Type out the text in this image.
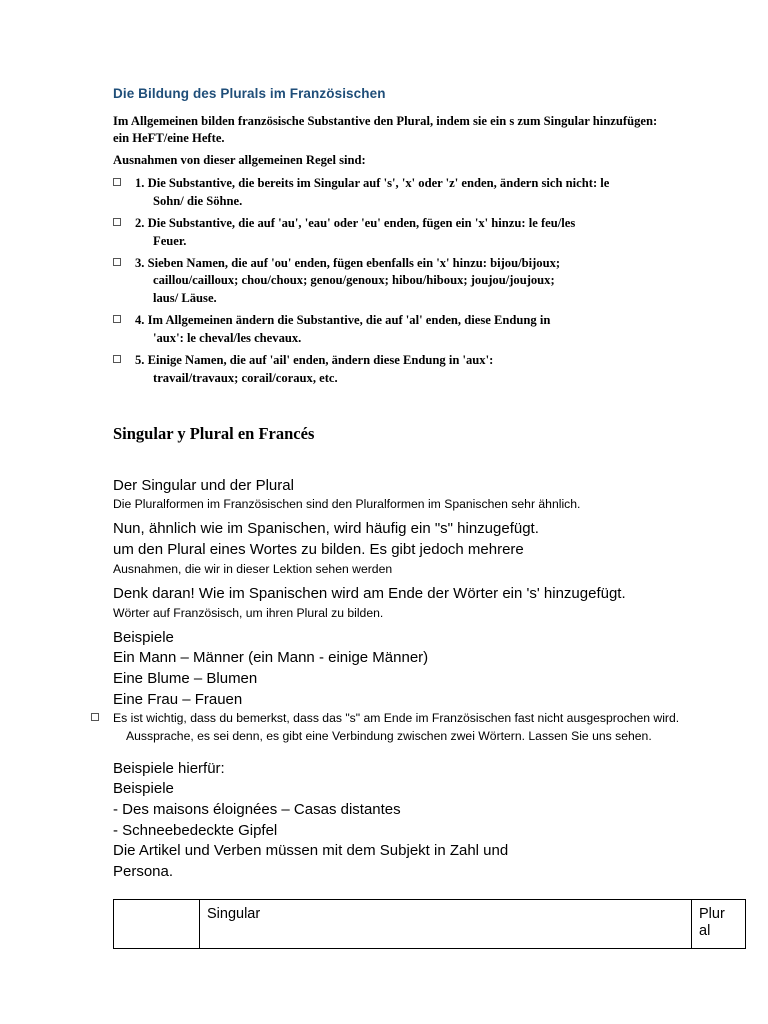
Die Bildung des Plurals im Französischen

Im Allgemeinen bilden französische Substantive den Plural, indem sie ein s zum Singular hinzufügen:
ein HeFT/eine Hefte.

Ausnahmen von dieser allgemeinen Regel sind:

1. Die Substantive, die bereits im Singular auf 's', 'x' oder 'z' enden, ändern sich nicht: le
Sohn/ die Söhne.
2. Die Substantive, die auf 'au', 'eau' oder 'eu' enden, fügen ein 'x' hinzu: le feu/les
Feuer.
3. Sieben Namen, die auf 'ou' enden, fügen ebenfalls ein 'x' hinzu: bijou/bijoux;
caillou/cailloux; chou/choux; genou/genoux; hibou/hiboux; joujou/joujoux;
laus/ Läuse.
4. Im Allgemeinen ändern die Substantive, die auf 'al' enden, diese Endung in
'aux': le cheval/les chevaux.
5. Einige Namen, die auf 'ail' enden, ändern diese Endung in 'aux':
travail/travaux; corail/coraux, etc.
Singular y Plural en Francés

Der Singular und der Plural

Die Pluralformen im Französischen sind den Pluralformen im Spanischen sehr ähnlich.

Nun, ähnlich wie im Spanischen, wird häufig ein "s" hinzugefügt.

um den Plural eines Wortes zu bilden. Es gibt jedoch mehrere

Ausnahmen, die wir in dieser Lektion sehen werden

Denk daran! Wie im Spanischen wird am Ende der Wörter ein 's' hinzugefügt.

Wörter auf Französisch, um ihren Plural zu bilden.

Beispiele

Ein Mann – Männer (ein Mann - einige Männer)

Eine Blume – Blumen

Eine Frau – Frauen

Es ist wichtig, dass du bemerkst, dass das "s" am Ende im Französischen fast nicht ausgesprochen wird.
Aussprache, es sei denn, es gibt eine Verbindung zwischen zwei Wörtern. Lassen Sie uns sehen.

Beispiele hierfür:

Beispiele

- Des maisons éloignées – Casas distantes

- Schneebedeckte Gipfel

Die Artikel und Verben müssen mit dem Subjekt in Zahl und

Persona.

	Singular	Plur al
